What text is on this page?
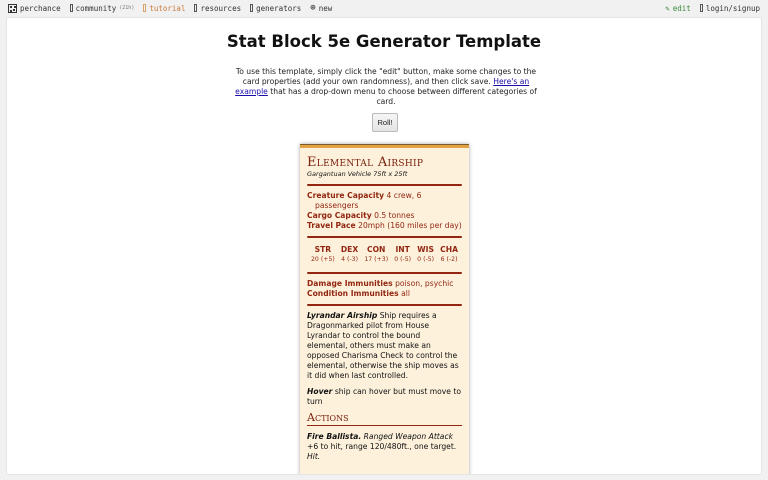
perchance community (21h) tutorial resources generators ⊕ new	✎ edit login/signup
Stat Block 5e Generator Template

To use this template, simply click the "edit" button, make some changes to the card properties (add your own randomness), and then click save. Here's an example that has a drop-down menu to choose between different categories of card.

Roll!
Elemental Airship
Gargantuan Vehicle 75ft x 25ft
Creature Capacity 4 crew, 6
passengers
Cargo Capacity 0.5 tonnes
Travel Pace 20mph (160 miles per day)
STR
20 (+5)
DEX
4 (-3)
CON
17 (+3)
INT
0 (-5)
WIS
0 (-5)
CHA
6 (-2)
Damage Immunities poison, psychic
Condition Immunities all
Lyrandar Airship Ship requires a Dragonmarked pilot from House Lyrandar to control the bound elemental, others must make an opposed Charisma Check to control the elemental, otherwise the ship moves as it did when last controlled.
Hover ship can hover but must move to turn
Actions
Fire Ballista. Ranged Weapon Attack +6 to hit, range 120/480ft., one target. Hit.
